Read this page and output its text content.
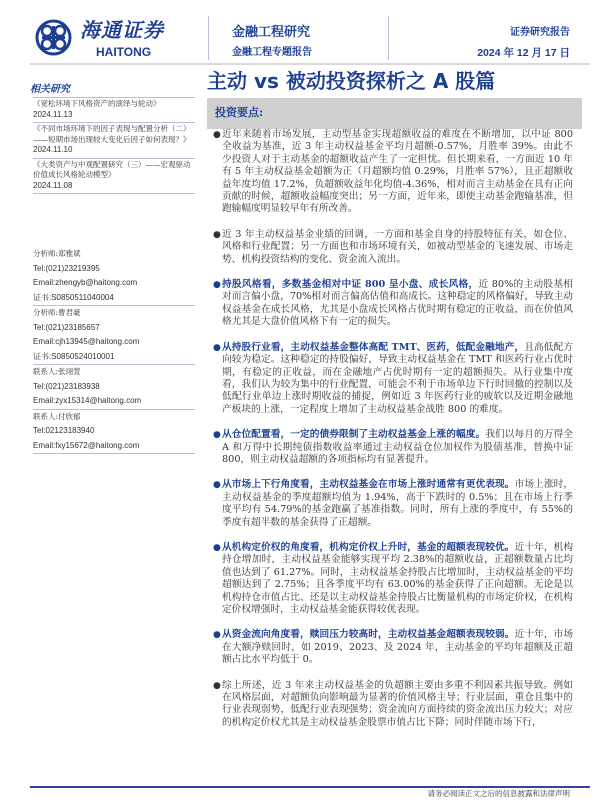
海通证券
HAITONG
金融工程研究
金融工程专题报告
证券研究报告
2024 年 12 月 17 日
主动 vs 被动投资探析之 A 股篇
投资要点:
相关研究
《宽松环境下风格资产的演绎与轮动》
2024.11.13
《不同市场环境下的因子表现与配置分析（二）——短期市场出现较大变化后因子如何表现？》 2024.11.10
《大类资产与中观配置研究（三）——宏观驱动价值成长风格轮动模型》
2024.11.08
分析师:郑雅斌
Tel:(021)23219395
Email:zhengyb@haitong.com
证书:S0850511040004
分析师:曹君豪
Tel:(021)23185657
Email:cjh13945@haitong.com
证书:S0850524010001
联系人:张翊萱
Tel:(021)23183938
Email:zyx15314@haitong.com
联系人:付欣郁
Tel:02123183940
Email:fxy15672@haitong.com
● 近年来随着市场发展，主动型基金实现超额收益的难度在不断增加，以中证 800 全收益为基准，近 3 年主动权益基金平均月超额-0.57%，月胜率 39%。由此不少投资人对于主动基金的超额收益产生了一定担忧。但长期来看，一方面近 10 年有 5 年主动权益基金超额为正（月超额均值 0.29%，月胜率 57%），且正超额收益年度均值 17.2%，负超额收益年化均值-4.36%，相对而言主动基金在具有正向贡献的时候，超额收益幅度突出；另一方面，近年来，即使主动基金跑输基准，但跑输幅度明显较早年有所改善。
● 近 3 年主动权益基金业绩的回调，一方面和基金自身的持股特征有关，如仓位、风格和行业配置；另一方面也和市场环境有关，如被动型基金的飞速发展、市场走势、机构投资结构的变化、资金流入流出。
● 持股风格看，多数基金相对中证 800 呈小盘、成长风格，近 80%的主动股基相对而言偏小盘，70%相对而言偏高估值和高成长。这种稳定的风格偏好，导致主动权益基金在成长风格，尤其是小盘成长风格占优时期有稳定的正收益，而在价值风格尤其是大盘价值风格下有一定的损失。
● 从持股行业看，主动权益基金整体高配 TMT、医药，低配金融地产，且高低配方向较为稳定。这种稳定的持股偏好，导致主动权益基金在 TMT 和医药行业占优时期，有稳定的正收益，而在金融地产占优时期有一定的超额损失。从行业集中度看，我们认为较为集中的行业配置，可能会不利于市场单边下行时回撤的控制以及低配行业单边上涨时期收益的捕捉，例如近 3 年医药行业的疲软以及近期金融地产板块的上涨，一定程度上增加了主动权益基金战胜 800 的难度。
● 从仓位配置看，一定的债券限制了主动权益基金上涨的幅度。我们以每月的万得全 A 和万得中长期纯债指数收益率通过主动权益仓位加权作为股债基准，替换中证 800，则主动权益超额的各项指标均有显著提升。
● 从市场上下行角度看，主动权益基金在市场上涨时通常有更优表现。市场上涨时，主动权益基金的季度超额均值为 1.94%，高于下跌时的 0.5%；且在市场上行季度平均有 54.79%的基金跑赢了基准指数。同时，所有上涨的季度中，有 55%的季度有超半数的基金获得了正超额。
● 从机构定价权的角度看，机构定价权上升时，基金的超额表现较优。近十年，机构持仓增加时，主动权益基金能够实现平均 2.38%的超额收益，正超额数量占比均值也达到了 61.27%。同时，主动权益基金持股占比增加时，主动权益基金的平均超额达到了 2.75%；且各季度平均有 63.00%的基金获得了正向超额。无论是以机构持仓市值占比、还是以主动权益基金持股占比衡量机构的市场定价权，在机构定价权增强时，主动权益基金能获得较优表现。
● 从资金流向角度看，赎回压力较高时，主动权益基金超额表现较弱。近十年，市场在大额净赎回时，如 2019、2023、及 2024 年，主动基金的平均年超额及正超额占比水平均低于 0。
● 综上所述，近 3 年来主动权益基金的负超额主要由多重不利因素共振导致。例如在风格层面，对超额负向影响最为显著的价值风格主导；行业层面，重仓且集中的行业表现弱势，低配行业表现强势；资金流向方面持续的资金流出压力较大；对应的机构定价权尤其是主动权益基金股票市值占比下降；同时伴随市场下行，
请务必阅读正文之后的信息披露和法律声明
